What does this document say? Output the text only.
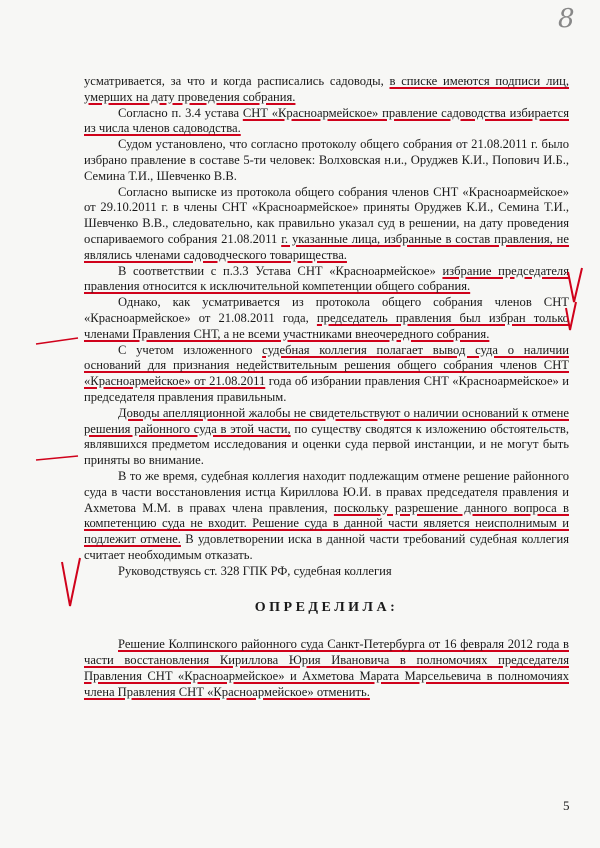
8

усматривается, за что и когда расписались садоводы, в списке имеются подписи лиц, умерших на дату проведения собрания.

Согласно п. 3.4 устава СНТ «Красноармейское» правление садоводства избирается из числа членов садоводства.

Судом установлено, что согласно протоколу общего собрания от 21.08.2011 г. было избрано правление в составе 5-ти человек: Волховская н.и., Оруджев К.И., Попович И.Б., Семина Т.И., Шевченко В.В.

Согласно выписке из протокола общего собрания членов СНТ «Красноармейское» от 29.10.2011 г. в члены СНТ «Красноармейское» приняты Оруджев К.И., Семина Т.И., Шевченко В.В., следовательно, как правильно указал суд в решении, на дату проведения оспариваемого собрания 21.08.2011 г. указанные лица, избранные в состав правления, не являлись членами садоводческого товарищества.

В соответствии с п.3.3 Устава СНТ «Красноармейское» избрание председателя правления относится к исключительной компетенции общего собрания.

Однако, как усматривается из протокола общего собрания членов СНТ «Красноармейское» от 21.08.2011 года, председатель правления был избран только членами Правления СНТ, а не всеми участниками внеочередного собрания.

С учетом изложенного судебная коллегия полагает вывод суда о наличии оснований для признания недействительным решения общего собрания членов СНТ «Красноармейское» от 21.08.2011 года об избрании правления СНТ «Красноармейское» и председателя правления правильным.

Доводы апелляционной жалобы не свидетельствуют о наличии оснований к отмене решения районного суда в этой части, по существу сводятся к изложению обстоятельств, являвшихся предметом исследования и оценки суда первой инстанции, и не могут быть приняты во внимание.

В то же время, судебная коллегия находит подлежащим отмене решение районного суда в части восстановления истца Кириллова Ю.И. в правах председателя правления и Ахметова М.М. в правах члена правления, поскольку разрешение данного вопроса в компетенцию суда не входит. Решение суда в данной части является неисполнимым и подлежит отмене. В удовлетворении иска в данной части требований судебная коллегия считает необходимым отказать.

Руководствуясь ст. 328 ГПК РФ, судебная коллегия

ОПРЕДЕЛИЛА:

Решение Колпинского районного суда Санкт-Петербурга от 16 февраля 2012 года в части восстановления Кириллова Юрия Ивановича в полномочиях председателя Правления СНТ «Красноармейское» и Ахметова Марата Марсельевича в полномочиях члена Правления СНТ «Красноармейское» отменить.

5
